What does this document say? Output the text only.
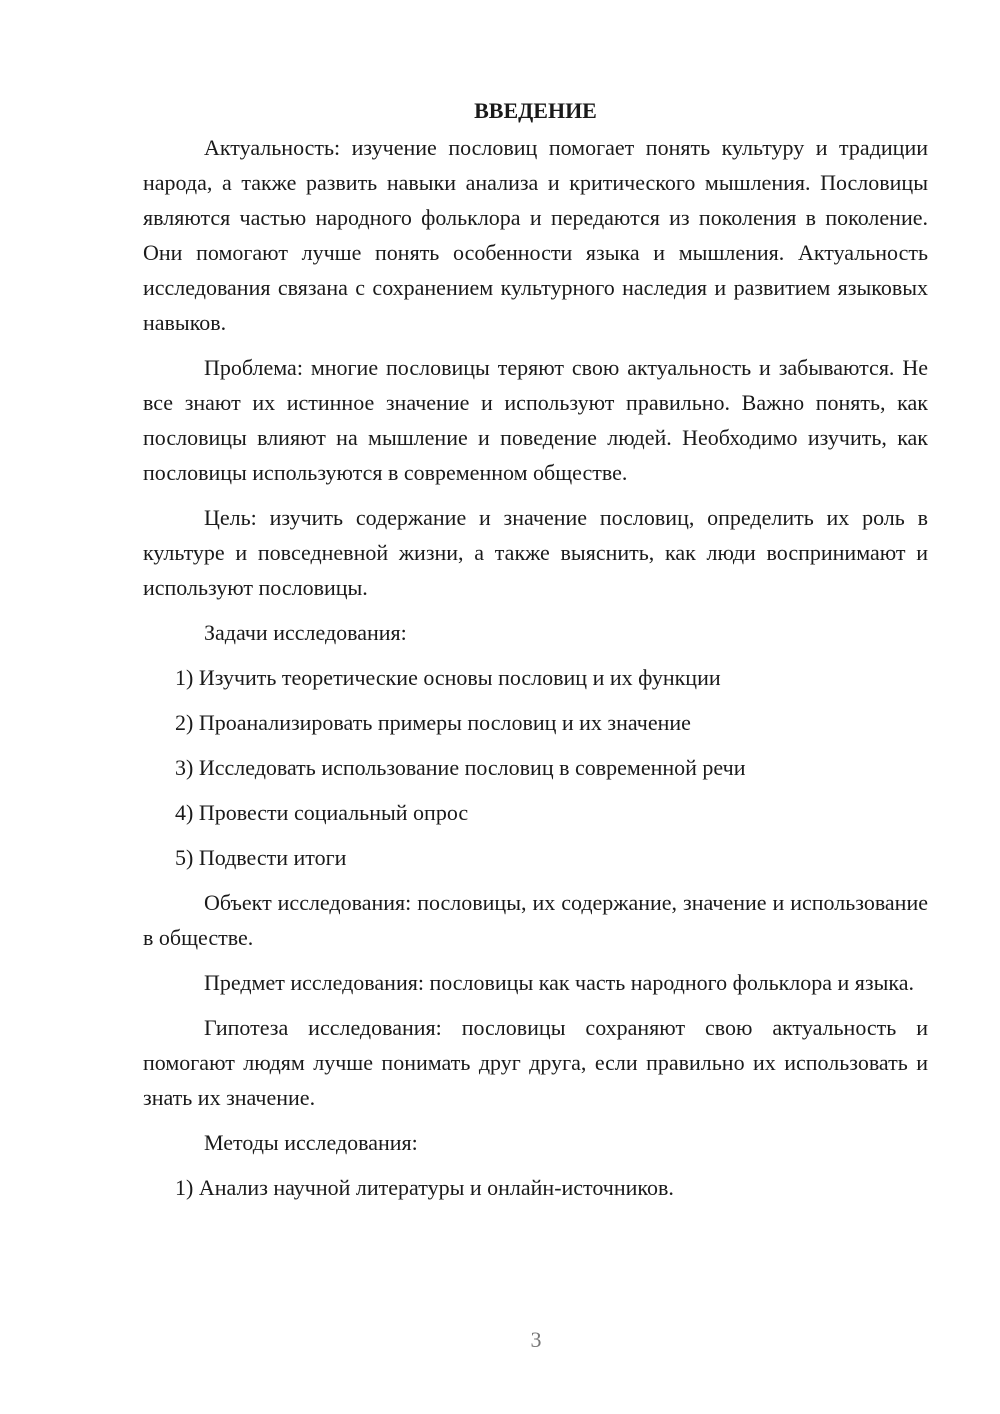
ВВЕДЕНИЕ

Актуальность: изучение пословиц помогает понять культуру и традиции народа, а также развить навыки анализа и критического мышления. Пословицы являются частью народного фольклора и передаются из поколения в поколение. Они помогают лучше понять особенности языка и мышления. Актуальность исследования связана с сохранением культурного наследия и развитием языковых навыков.

Проблема: многие пословицы теряют свою актуальность и забываются. Не все знают их истинное значение и используют правильно. Важно понять, как пословицы влияют на мышление и поведение людей. Необходимо изучить, как пословицы используются в современном обществе.

Цель: изучить содержание и значение пословиц, определить их роль в культуре и повседневной жизни, а также выяснить, как люди воспринимают и используют пословицы.

Задачи исследования:

1) Изучить теоретические основы пословиц и их функции

2) Проанализировать примеры пословиц и их значение

3) Исследовать использование пословиц в современной речи

4) Провести социальный опрос

5) Подвести итоги

Объект исследования: пословицы, их содержание, значение и использование в обществе.

Предмет исследования: пословицы как часть народного фольклора и языка.

Гипотеза исследования: пословицы сохраняют свою актуальность и помогают людям лучше понимать друг друга, если правильно их использовать и знать их значение.

Методы исследования:

1) Анализ научной литературы и онлайн-источников.

3
